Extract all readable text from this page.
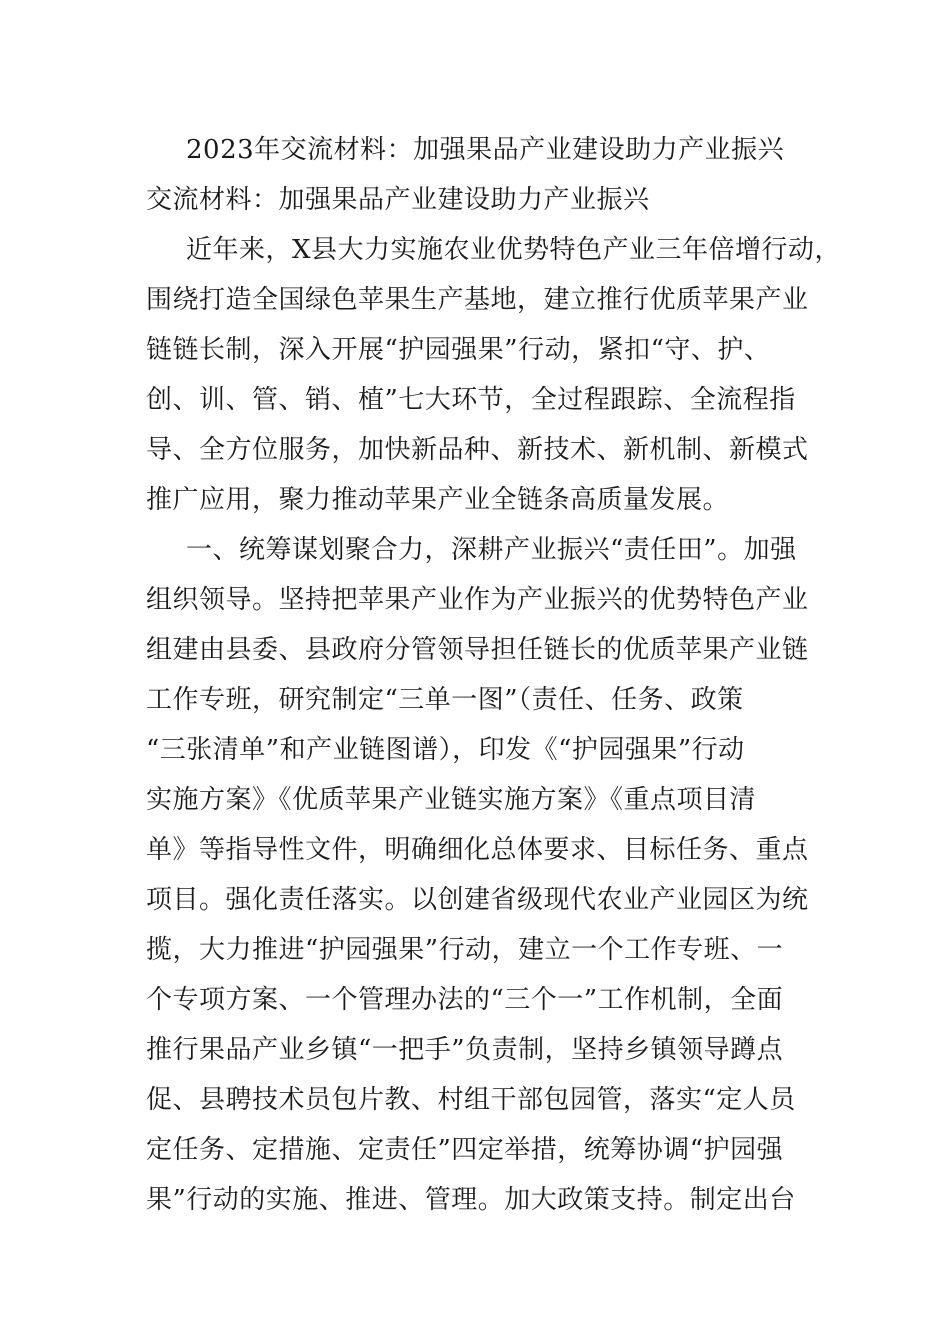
2023年交流材料：加强果品产业建设助力产业振兴
交流材料：加强果品产业建设助力产业振兴
近年来，X县大力实施农业优势特色产业三年倍增行动，
围绕打造全国绿色苹果生产基地，建立推行优质苹果产业
链链长制，深入开展“护园强果”行动，紧扣“守、护、
创、训、管、销、植”七大环节，全过程跟踪、全流程指
导、全方位服务，加快新品种、新技术、新机制、新模式
推广应用，聚力推动苹果产业全链条高质量发展。
一、统筹谋划聚合力，深耕产业振兴“责任田”。加强
组织领导。坚持把苹果产业作为产业振兴的优势特色产业
组建由县委、县政府分管领导担任链长的优质苹果产业链
工作专班，研究制定“三单一图”（责任、任务、政策
“三张清单”和产业链图谱），印发《“护园强果”行动
实施方案》《优质苹果产业链实施方案》《重点项目清
单》等指导性文件，明确细化总体要求、目标任务、重点
项目。强化责任落实。以创建省级现代农业产业园区为统
揽，大力推进“护园强果”行动，建立一个工作专班、一
个专项方案、一个管理办法的“三个一”工作机制，全面
推行果品产业乡镇“一把手”负责制，坚持乡镇领导蹲点
促、县聘技术员包片教、村组干部包园管，落实“定人员
定任务、定措施、定责任”四定举措，统筹协调“护园强
果”行动的实施、推进、管理。加大政策支持。制定出台
